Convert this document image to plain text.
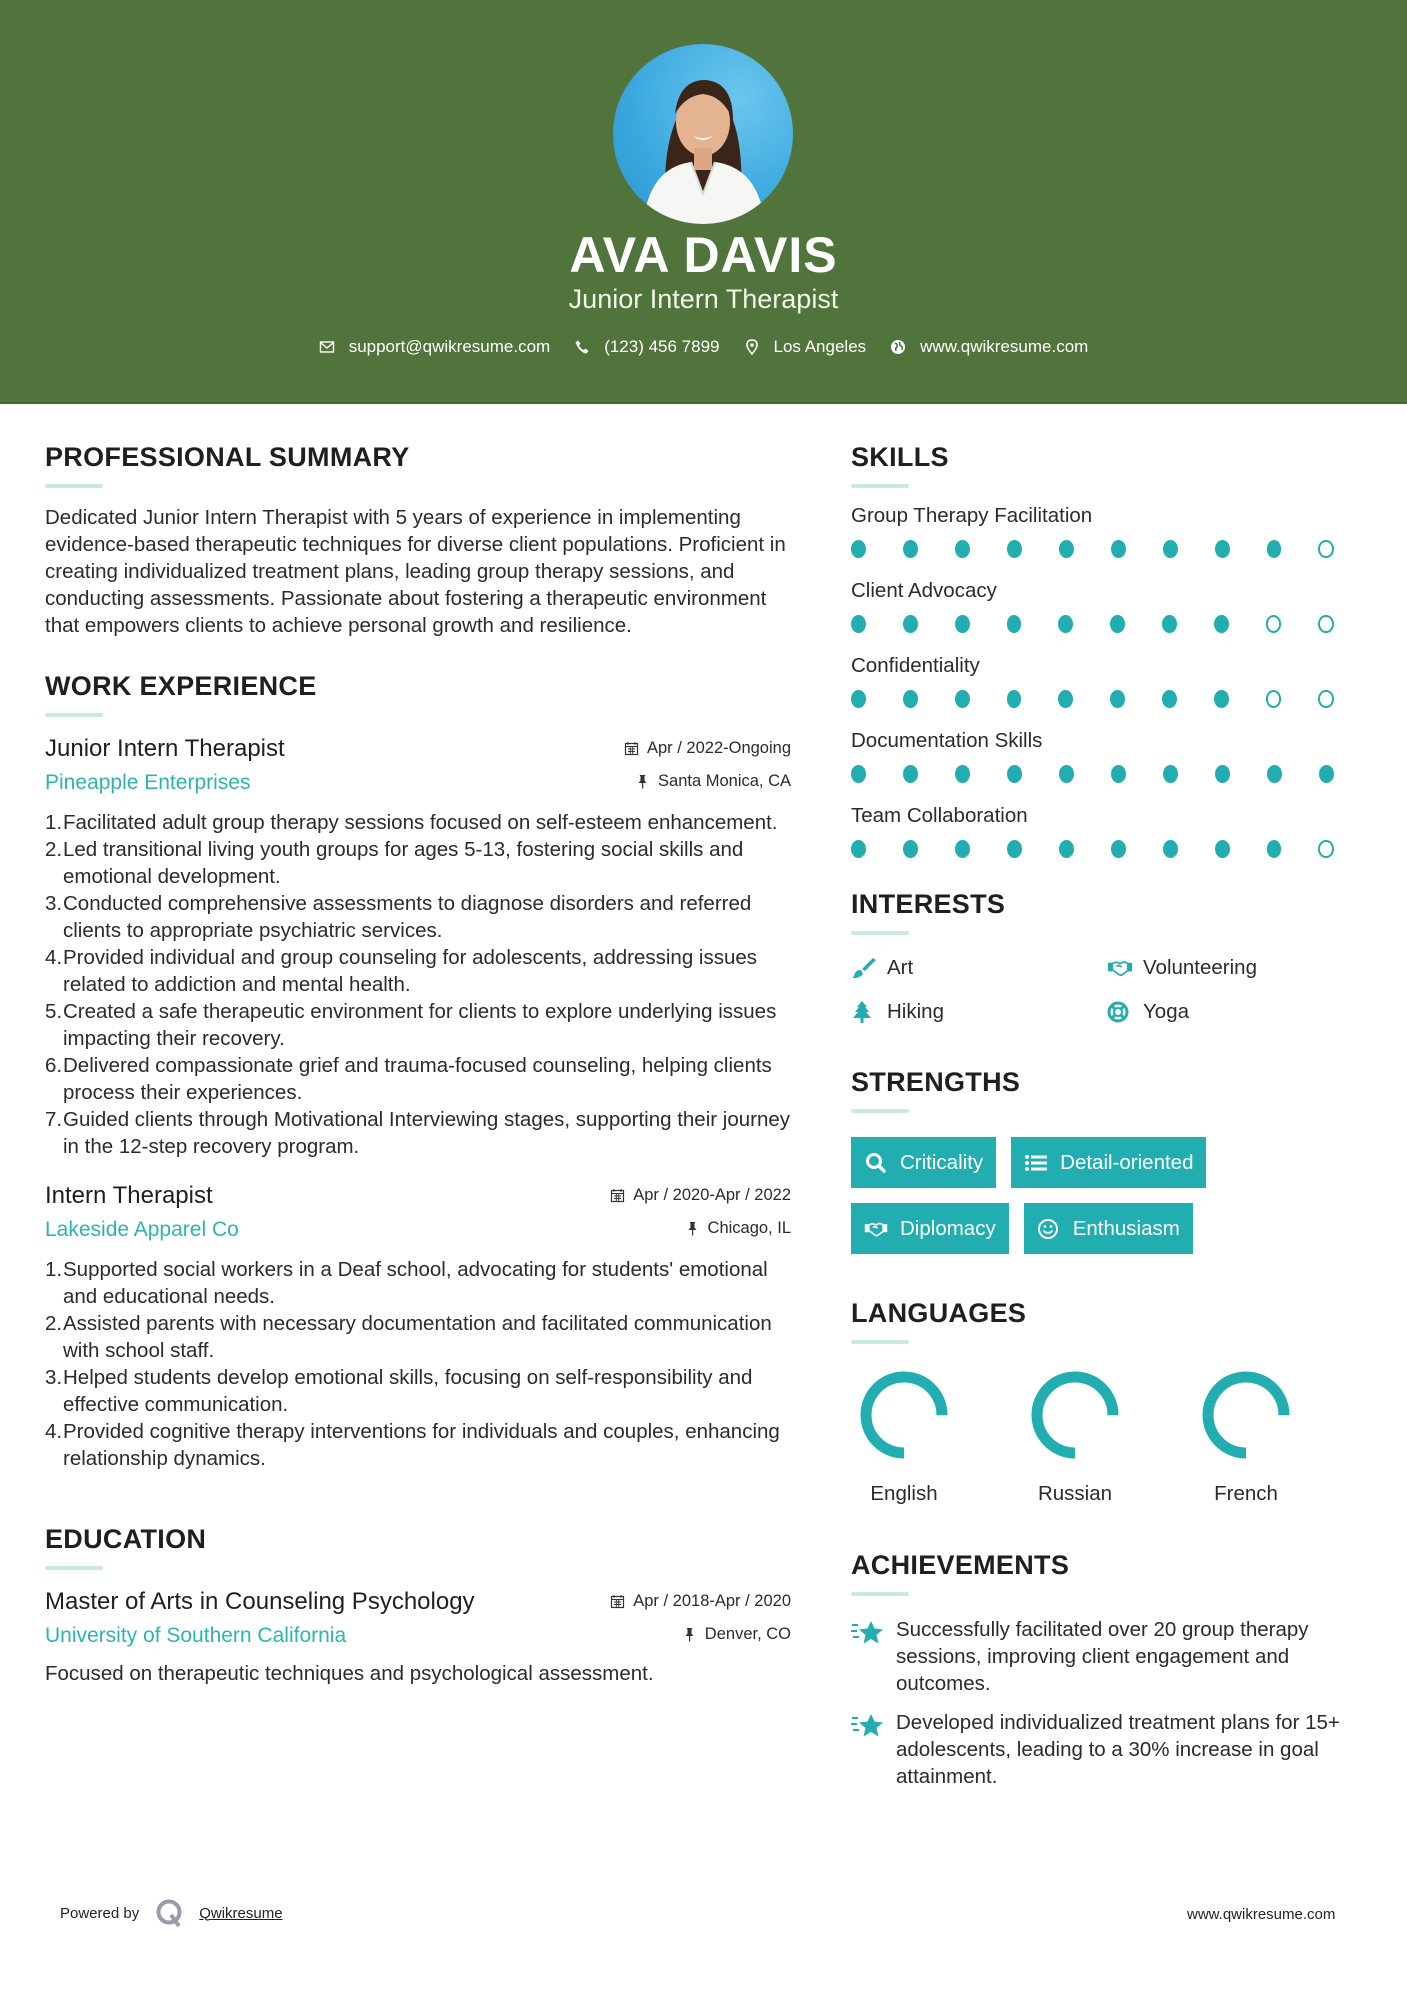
AVA DAVIS
Junior Intern Therapist
support@qwikresume.com	(123) 456 7899	Los Angeles	www.qwikresume.com
PROFESSIONAL SUMMARY

Dedicated Junior Intern Therapist with 5 years of experience in implementing evidence-based therapeutic techniques for diverse client populations. Proficient in creating individualized treatment plans, leading group therapy sessions, and conducting assessments. Passionate about fostering a therapeutic environment that empowers clients to achieve personal growth and resilience.

WORK EXPERIENCE
Junior Intern Therapist	Apr / 2022-Ongoing
Pineapple Enterprises	Santa Monica, CA
1. Facilitated adult group therapy sessions focused on self-esteem enhancement.
2. Led transitional living youth groups for ages 5-13, fostering social skills and emotional development.
3. Conducted comprehensive assessments to diagnose disorders and referred clients to appropriate psychiatric services.
4. Provided individual and group counseling for adolescents, addressing issues related to addiction and mental health.
5. Created a safe therapeutic environment for clients to explore underlying issues impacting their recovery.
6. Delivered compassionate grief and trauma-focused counseling, helping clients process their experiences.
7. Guided clients through Motivational Interviewing stages, supporting their journey in the 12-step recovery program.
Intern Therapist	Apr / 2020-Apr / 2022
Lakeside Apparel Co	Chicago, IL
1. Supported social workers in a Deaf school, advocating for students' emotional and educational needs.
2. Assisted parents with necessary documentation and facilitated communication with school staff.
3. Helped students develop emotional skills, focusing on self-responsibility and effective communication.
4. Provided cognitive therapy interventions for individuals and couples, enhancing relationship dynamics.
EDUCATION
Master of Arts in Counseling Psychology	Apr / 2018-Apr / 2020
University of Southern California	Denver, CO

Focused on therapeutic techniques and psychological assessment.

SKILLS
Group Therapy Facilitation
Client Advocacy
Confidentiality
Documentation Skills
Team Collaboration
INTERESTS
Art	Volunteering
Hiking	Yoga
STRENGTHS
Criticality	Detail-oriented
Diplomacy	Enthusiasm
LANGUAGES
English	Russian	French
ACHIEVEMENTS
Successfully facilitated over 20 group therapy sessions, improving client engagement and outcomes.
Developed individualized treatment plans for 15+ adolescents, leading to a 30% increase in goal attainment.
Powered by	Qwikresume	www.qwikresume.com
